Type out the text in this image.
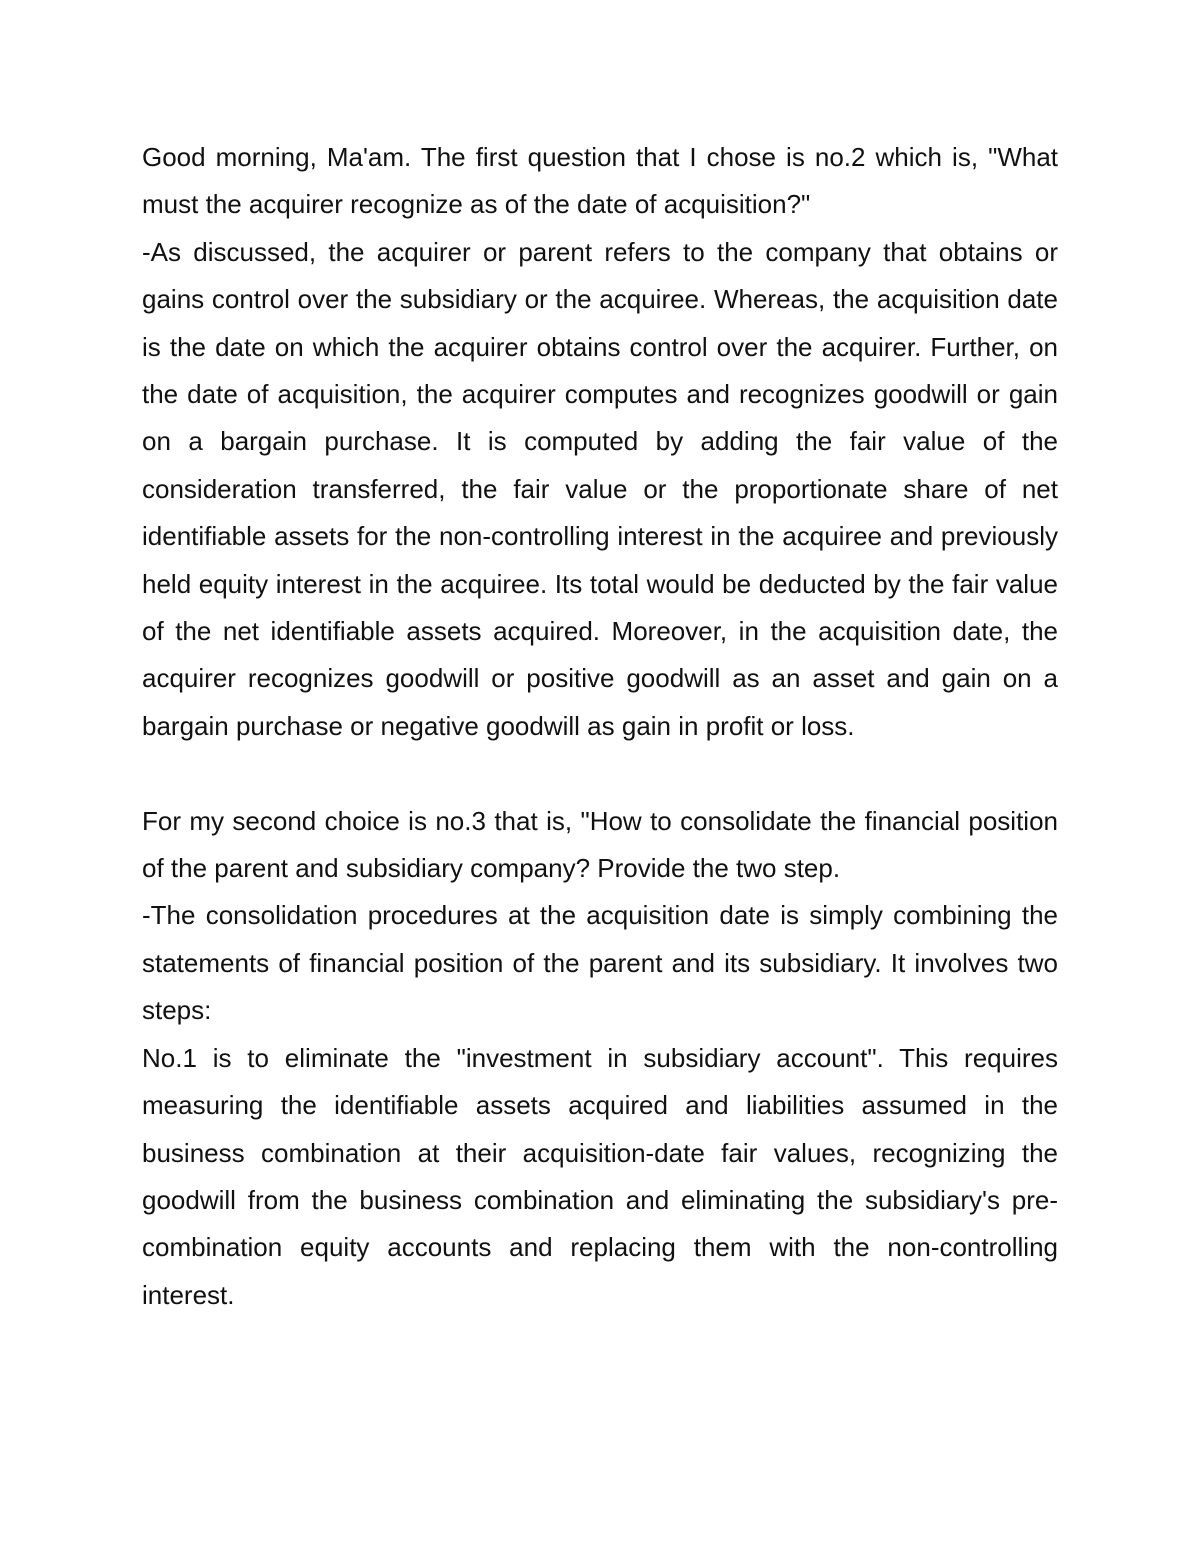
Good morning, Ma'am. The first question that I chose is no.2 which is, "What must the acquirer recognize as of the date of acquisition?"

-As discussed, the acquirer or parent refers to the company that obtains or gains control over the subsidiary or the acquiree. Whereas, the acquisition date is the date on which the acquirer obtains control over the acquirer. Further, on the date of acquisition, the acquirer computes and recognizes goodwill or gain on a bargain purchase. It is computed by adding the fair value of the consideration transferred, the fair value or the proportionate share of net identifiable assets for the non-controlling interest in the acquiree and previously held equity interest in the acquiree. Its total would be deducted by the fair value of the net identifiable assets acquired. Moreover, in the acquisition date, the acquirer recognizes goodwill or positive goodwill as an asset and gain on a bargain purchase or negative goodwill as gain in profit or loss.

For my second choice is no.3 that is, "How to consolidate the financial position of the parent and subsidiary company? Provide the two step.

-The consolidation procedures at the acquisition date is simply combining the statements of financial position of the parent and its subsidiary. It involves two steps:

No.1 is to eliminate the "investment in subsidiary account". This requires measuring the identifiable assets acquired and liabilities assumed in the business combination at their acquisition-date fair values, recognizing the goodwill from the business combination and eliminating the subsidiary's pre-combination equity accounts and replacing them with the non-controlling interest.
